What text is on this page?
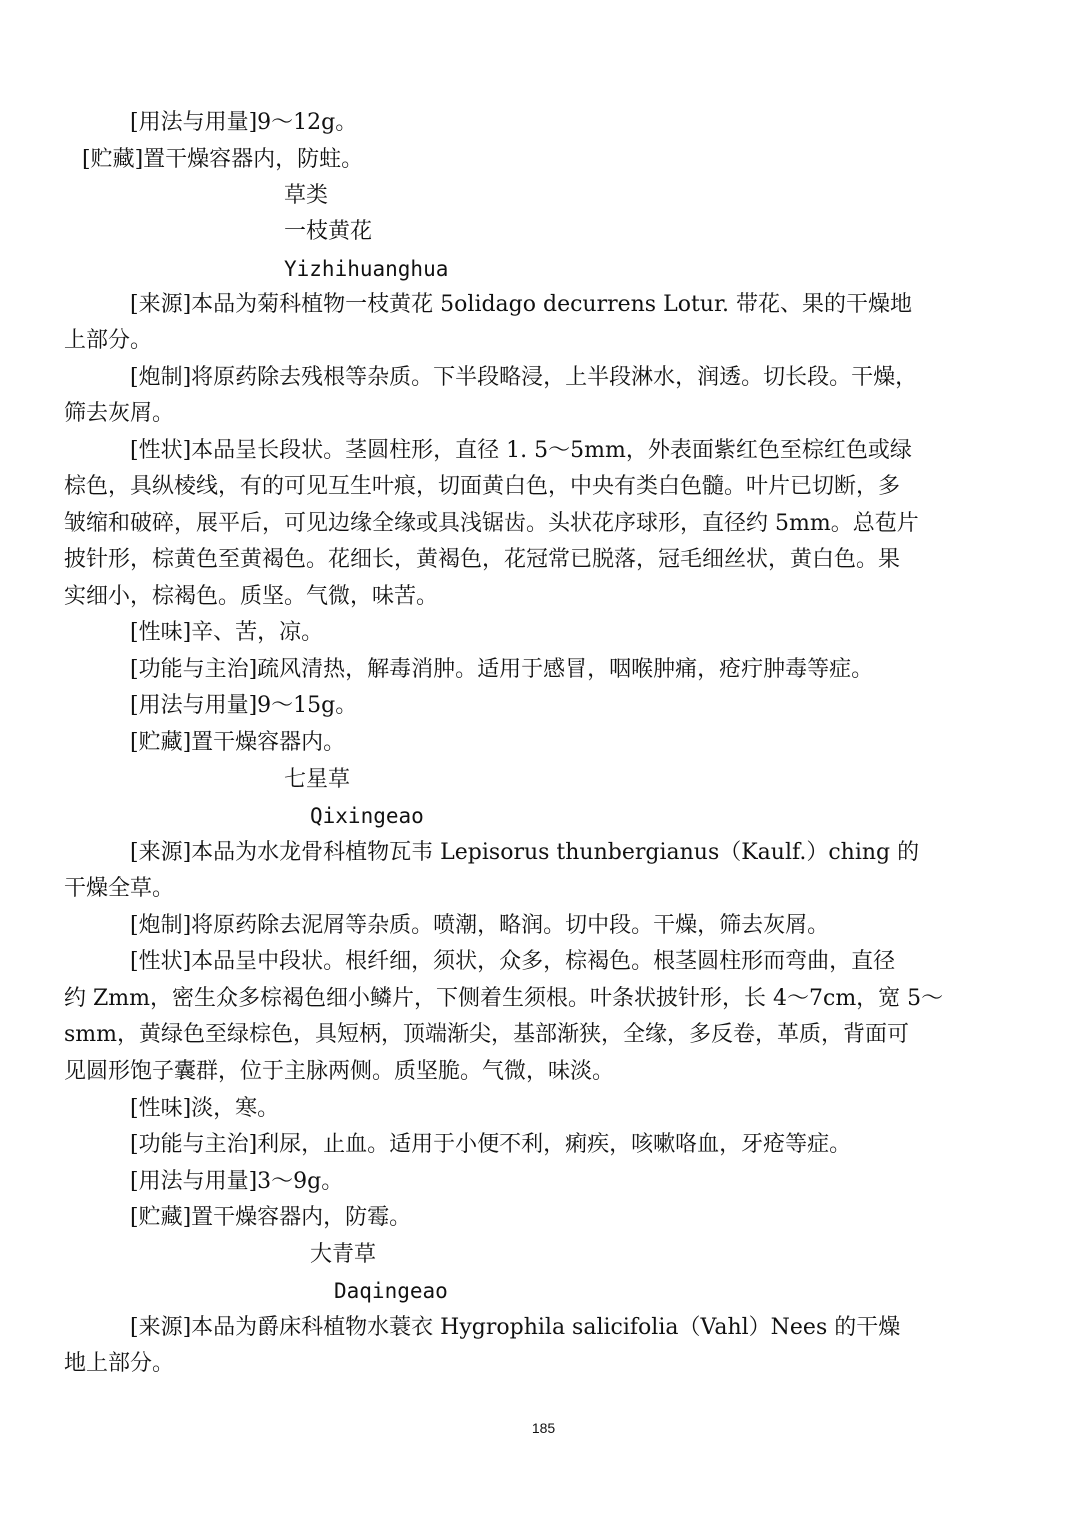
[用法与用量]9～12g。
[贮藏]置干燥容器内，防蛀。
草类
一枝黄花
Yizhihuanghua
[来源]本品为菊科植物一枝黄花 5olidago decurrens Lotur. 带花、果的干燥地
上部分。
[炮制]将原药除去残根等杂质。下半段略浸，上半段淋水，润透。切长段。干燥，
筛去灰屑。
[性状]本品呈长段状。茎圆柱形，直径 1. 5～5mm，外表面紫红色至棕红色或绿
棕色，具纵棱线，有的可见互生叶痕，切面黄白色，中央有类白色髓。叶片已切断，多
皱缩和破碎，展平后，可见边缘全缘或具浅锯齿。头状花序球形，直径约 5mm。总苞片
披针形，棕黄色至黄褐色。花细长，黄褐色，花冠常已脱落，冠毛细丝状，黄白色。果
实细小，棕褐色。质坚。气微，味苦。
[性味]辛、苦，凉。
[功能与主治]疏风清热，解毒消肿。适用于感冒，咽喉肿痛，疮疔肿毒等症。
[用法与用量]9～15g。
[贮藏]置干燥容器内。
七星草
Qixingeao
[来源]本品为水龙骨科植物瓦韦 Lepisorus thunbergianus（Kaulf.）ching 的
干燥全草。
[炮制]将原药除去泥屑等杂质。喷潮，略润。切中段。干燥，筛去灰屑。
[性状]本品呈中段状。根纤细，须状，众多，棕褐色。根茎圆柱形而弯曲，直径
约 Zmm，密生众多棕褐色细小鳞片，下侧着生须根。叶条状披针形，长 4～7cm，宽 5～
smm，黄绿色至绿棕色，具短柄，顶端渐尖，基部渐狭，全缘，多反卷，革质，背面可
见圆形饱子囊群，位于主脉两侧。质坚脆。气微，味淡。
[性味]淡，寒。
[功能与主治]利尿，止血。适用于小便不利，痢疾，咳嗽咯血，牙疮等症。
[用法与用量]3～9g。
[贮藏]置干燥容器内，防霉。
大青草
Daqingeao
[来源]本品为爵床科植物水蓑衣 Hygrophila salicifolia（Vahl）Nees 的干燥
地上部分。
185
